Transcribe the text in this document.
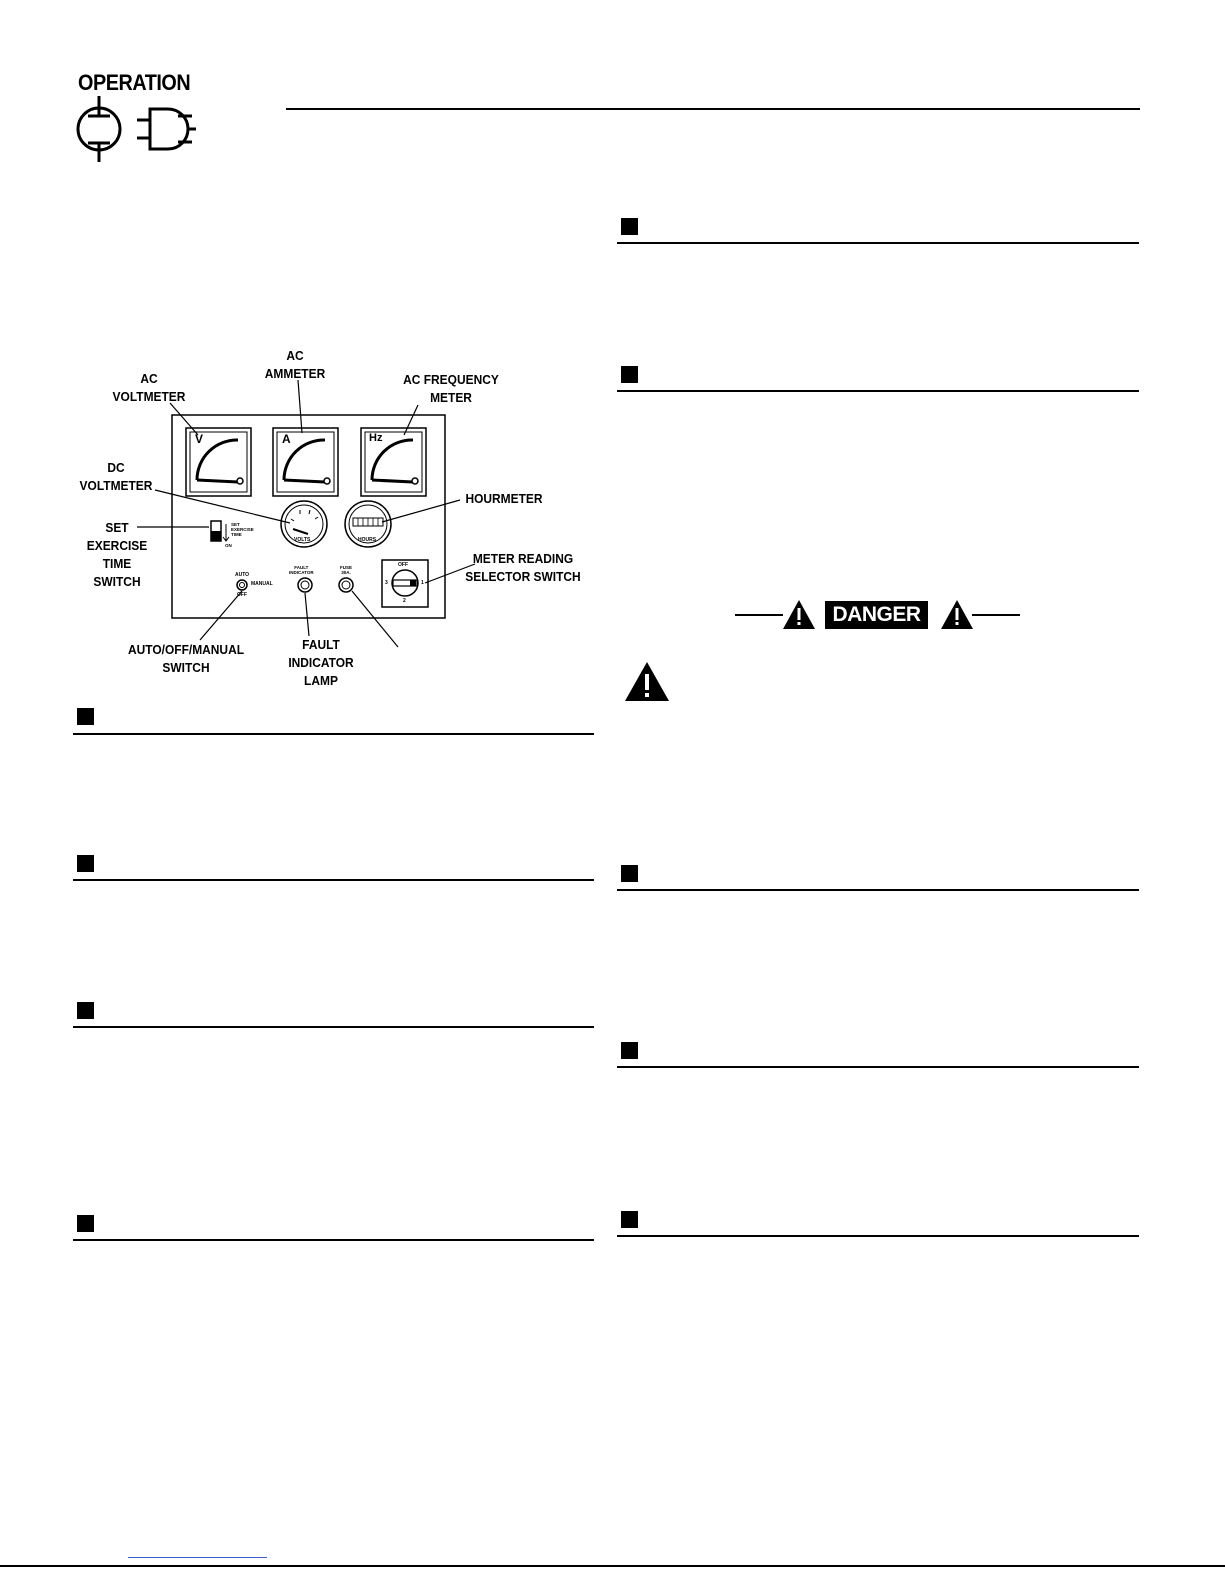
OPERATION
V	A	Hz
VOLTS	HOURS
SET
EXERCISE
TIME
ON
AUTO
MANUAL
OFF
FAULT
INDICATOR
FUSE
30A.
OFF
1
2
3
AC
VOLTMETER
AC
AMMETER	AC FREQUENCY
METER
DC
VOLTMETER
HOURMETER
SET
EXERCISE
TIME
SWITCH
METER READING
SELECTOR SWITCH
AUTO/OFF/MANUAL
SWITCH
FAULT
INDICATOR
LAMP
DANGER
